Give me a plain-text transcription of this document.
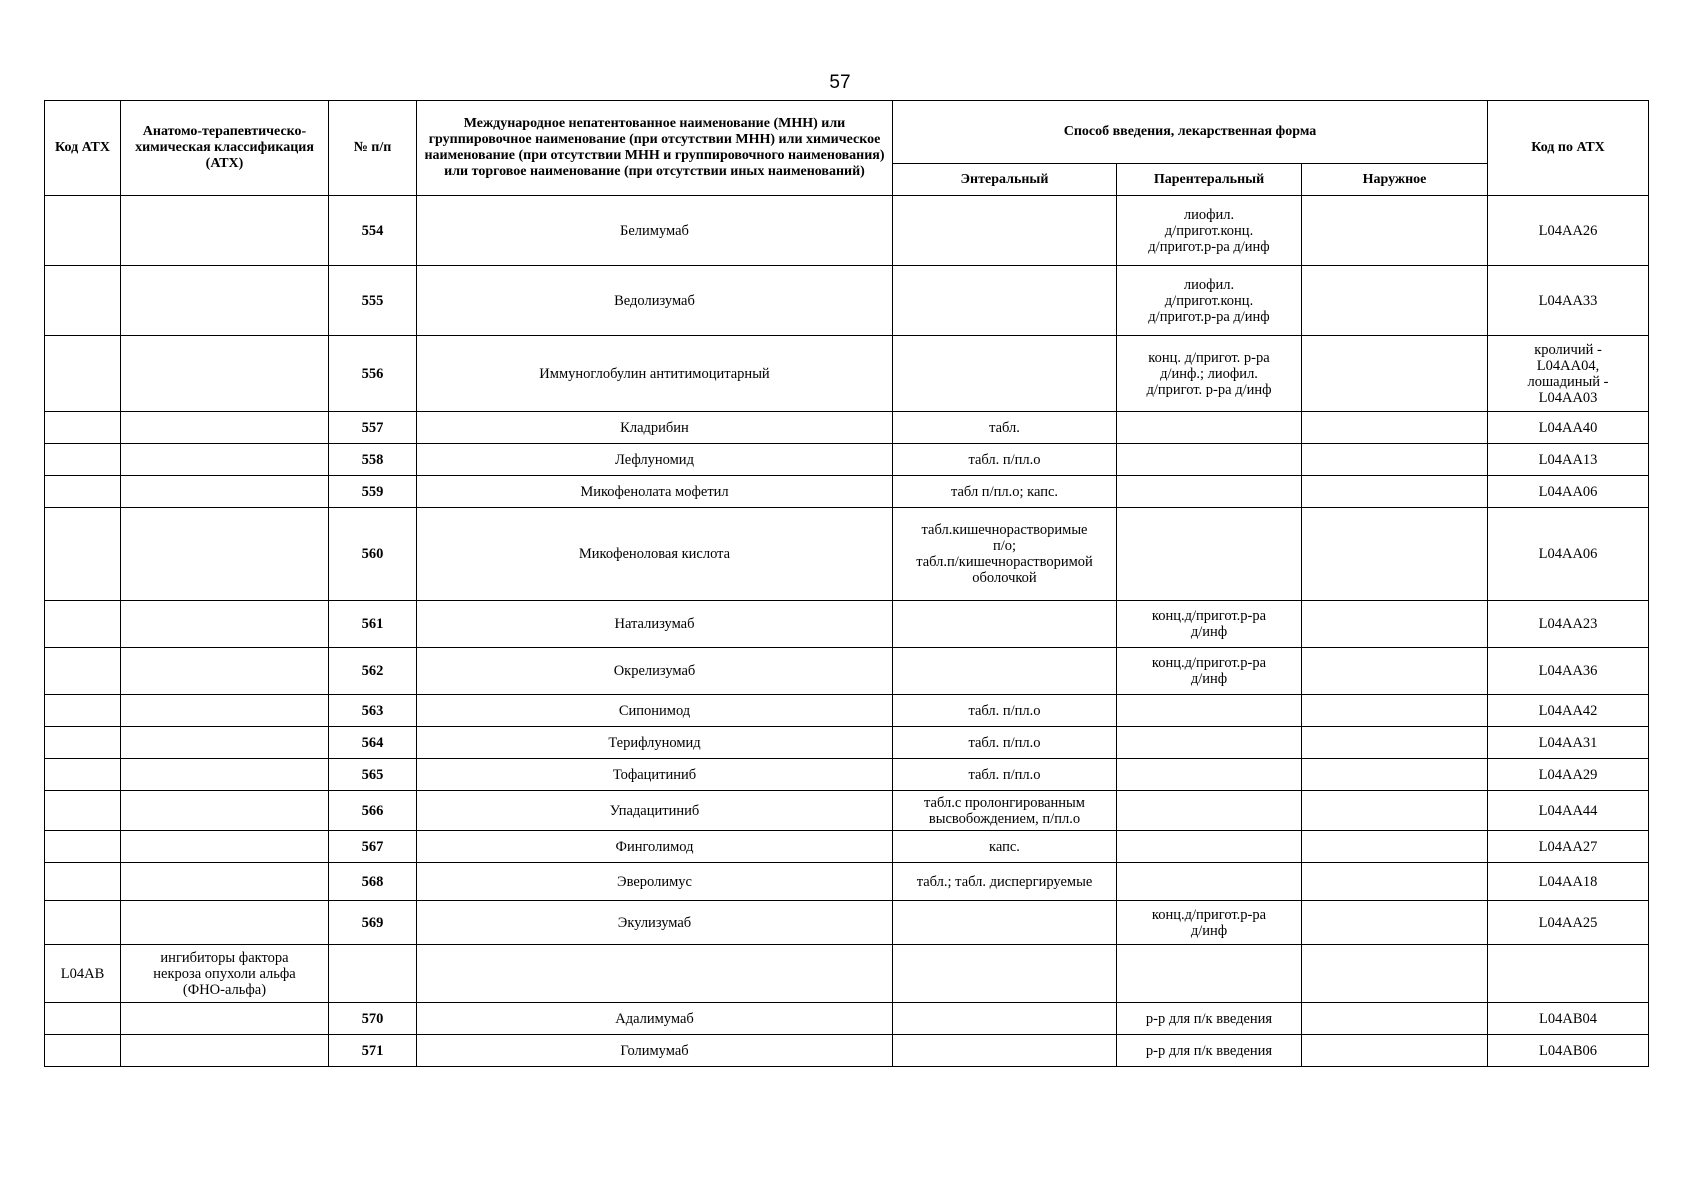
57
Код АТХ	Анатомо-терапевтическо-химическая классификация (АТХ)	№ п/п	Международное непатентованное наименование (МНН) или группировочное наименование (при отсутствии МНН) или химическое наименование (при отсутствии МНН и группировочного наименования) или торговое наименование (при отсутствии иных наименований)	Способ введения, лекарственная форма			Код по АТХ
				Энтеральный	Парентеральный	Наружное	
		554	Белимумаб		лиофил.
д/пригот.конц.
д/пригот.р-ра д/инф		L04AA26
		555	Ведолизумаб		лиофил.
д/пригот.конц.
д/пригот.р-ра д/инф		L04AA33
		556	Иммуноглобулин антитимоцитарный		конц. д/пригот. р-ра
д/инф.; лиофил.
д/пригот. р-ра д/инф		кроличий -
L04AA04,
лошадиный -
L04AA03
		557	Кладрибин	табл.			L04AA40
		558	Лефлуномид	табл. п/пл.о			L04AA13
		559	Микофенолата мофетил	табл п/пл.о; капс.			L04AA06
		560	Микофеноловая кислота	табл.кишечнорастворимые
п/о;
табл.п/кишечнорастворимой
оболочкой			L04AA06
		561	Натализумаб		конц.д/пригот.р-ра
д/инф		L04AA23
		562	Окрелизумаб		конц.д/пригот.р-ра
д/инф		L04AA36
		563	Сипонимод	табл. п/пл.о			L04AA42
		564	Терифлуномид	табл. п/пл.о			L04AA31
		565	Тофацитиниб	табл. п/пл.о			L04AA29
		566	Упадацитиниб	табл.с пролонгированным
высвобождением, п/пл.о			L04AA44
		567	Финголимод	капс.			L04AA27
		568	Эверолимус	табл.; табл. диспергируемые			L04AA18
		569	Экулизумаб		конц.д/пригот.р-ра
д/инф		L04AA25
L04AB	ингибиторы фактора
некроза опухоли альфа
(ФНО-альфа)						
		570	Адалимумаб		р-р для п/к введения		L04AB04
		571	Голимумаб		р-р для п/к введения		L04AB06
